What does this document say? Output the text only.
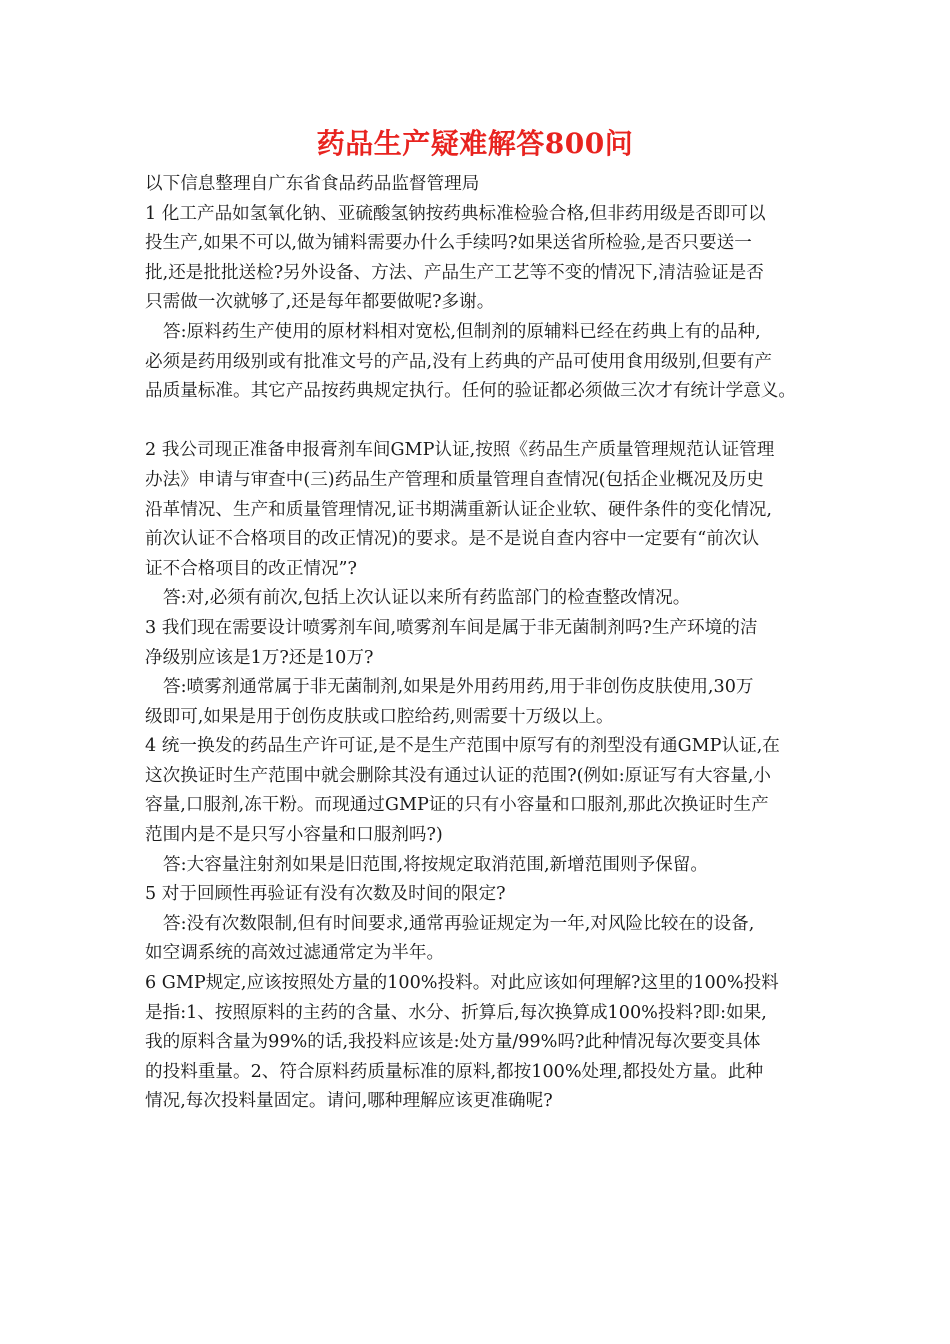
药品生产疑难解答800问
以下信息整理自广东省食品药品监督管理局
1 化工产品如氢氧化钠、亚硫酸氢钠按药典标准检验合格,但非药用级是否即可以
投生产,如果不可以,做为铺料需要办什么手续吗?如果送省所检验,是否只要送一
批,还是批批送检?另外设备、方法、产品生产工艺等不变的情况下,清洁验证是否
只需做一次就够了,还是每年都要做呢?多谢。
答:原料药生产使用的原材料相对宽松,但制剂的原辅料已经在药典上有的品种,
必须是药用级别或有批准文号的产品,没有上药典的产品可使用食用级别,但要有产
品质量标准。其它产品按药典规定执行。任何的验证都必须做三次才有统计学意义。
2 我公司现正准备申报膏剂车间GMP认证,按照《药品生产质量管理规范认证管理
办法》申请与审查中(三)药品生产管理和质量管理自查情况(包括企业概况及历史
沿革情况、生产和质量管理情况,证书期满重新认证企业软、硬件条件的变化情况,
前次认证不合格项目的改正情况)的要求。是不是说自查内容中一定要有“前次认
证不合格项目的改正情况”?
答:对,必须有前次,包括上次认证以来所有药监部门的检查整改情况。
3 我们现在需要设计喷雾剂车间,喷雾剂车间是属于非无菌制剂吗?生产环境的洁
净级别应该是1万?还是10万?
答:喷雾剂通常属于非无菌制剂,如果是外用药用药,用于非创伤皮肤使用,30万
级即可,如果是用于创伤皮肤或口腔给药,则需要十万级以上。
4 统一换发的药品生产许可证,是不是生产范围中原写有的剂型没有通GMP认证,在
这次换证时生产范围中就会删除其没有通过认证的范围?(例如:原证写有大容量,小
容量,口服剂,冻干粉。而现通过GMP证的只有小容量和口服剂,那此次换证时生产
范围内是不是只写小容量和口服剂吗?)
答:大容量注射剂如果是旧范围,将按规定取消范围,新增范围则予保留。
5 对于回顾性再验证有没有次数及时间的限定?
答:没有次数限制,但有时间要求,通常再验证规定为一年,对风险比较在的设备,
如空调系统的高效过滤通常定为半年。
6 GMP规定,应该按照处方量的100%投料。对此应该如何理解?这里的100%投料
是指:1、按照原料的主药的含量、水分、折算后,每次换算成100%投料?即:如果,
我的原料含量为99%的话,我投料应该是:处方量/99%吗?此种情况每次要变具体
的投料重量。2、符合原料药质量标准的原料,都按100%处理,都投处方量。此种
情况,每次投料量固定。请问,哪种理解应该更准确呢?
